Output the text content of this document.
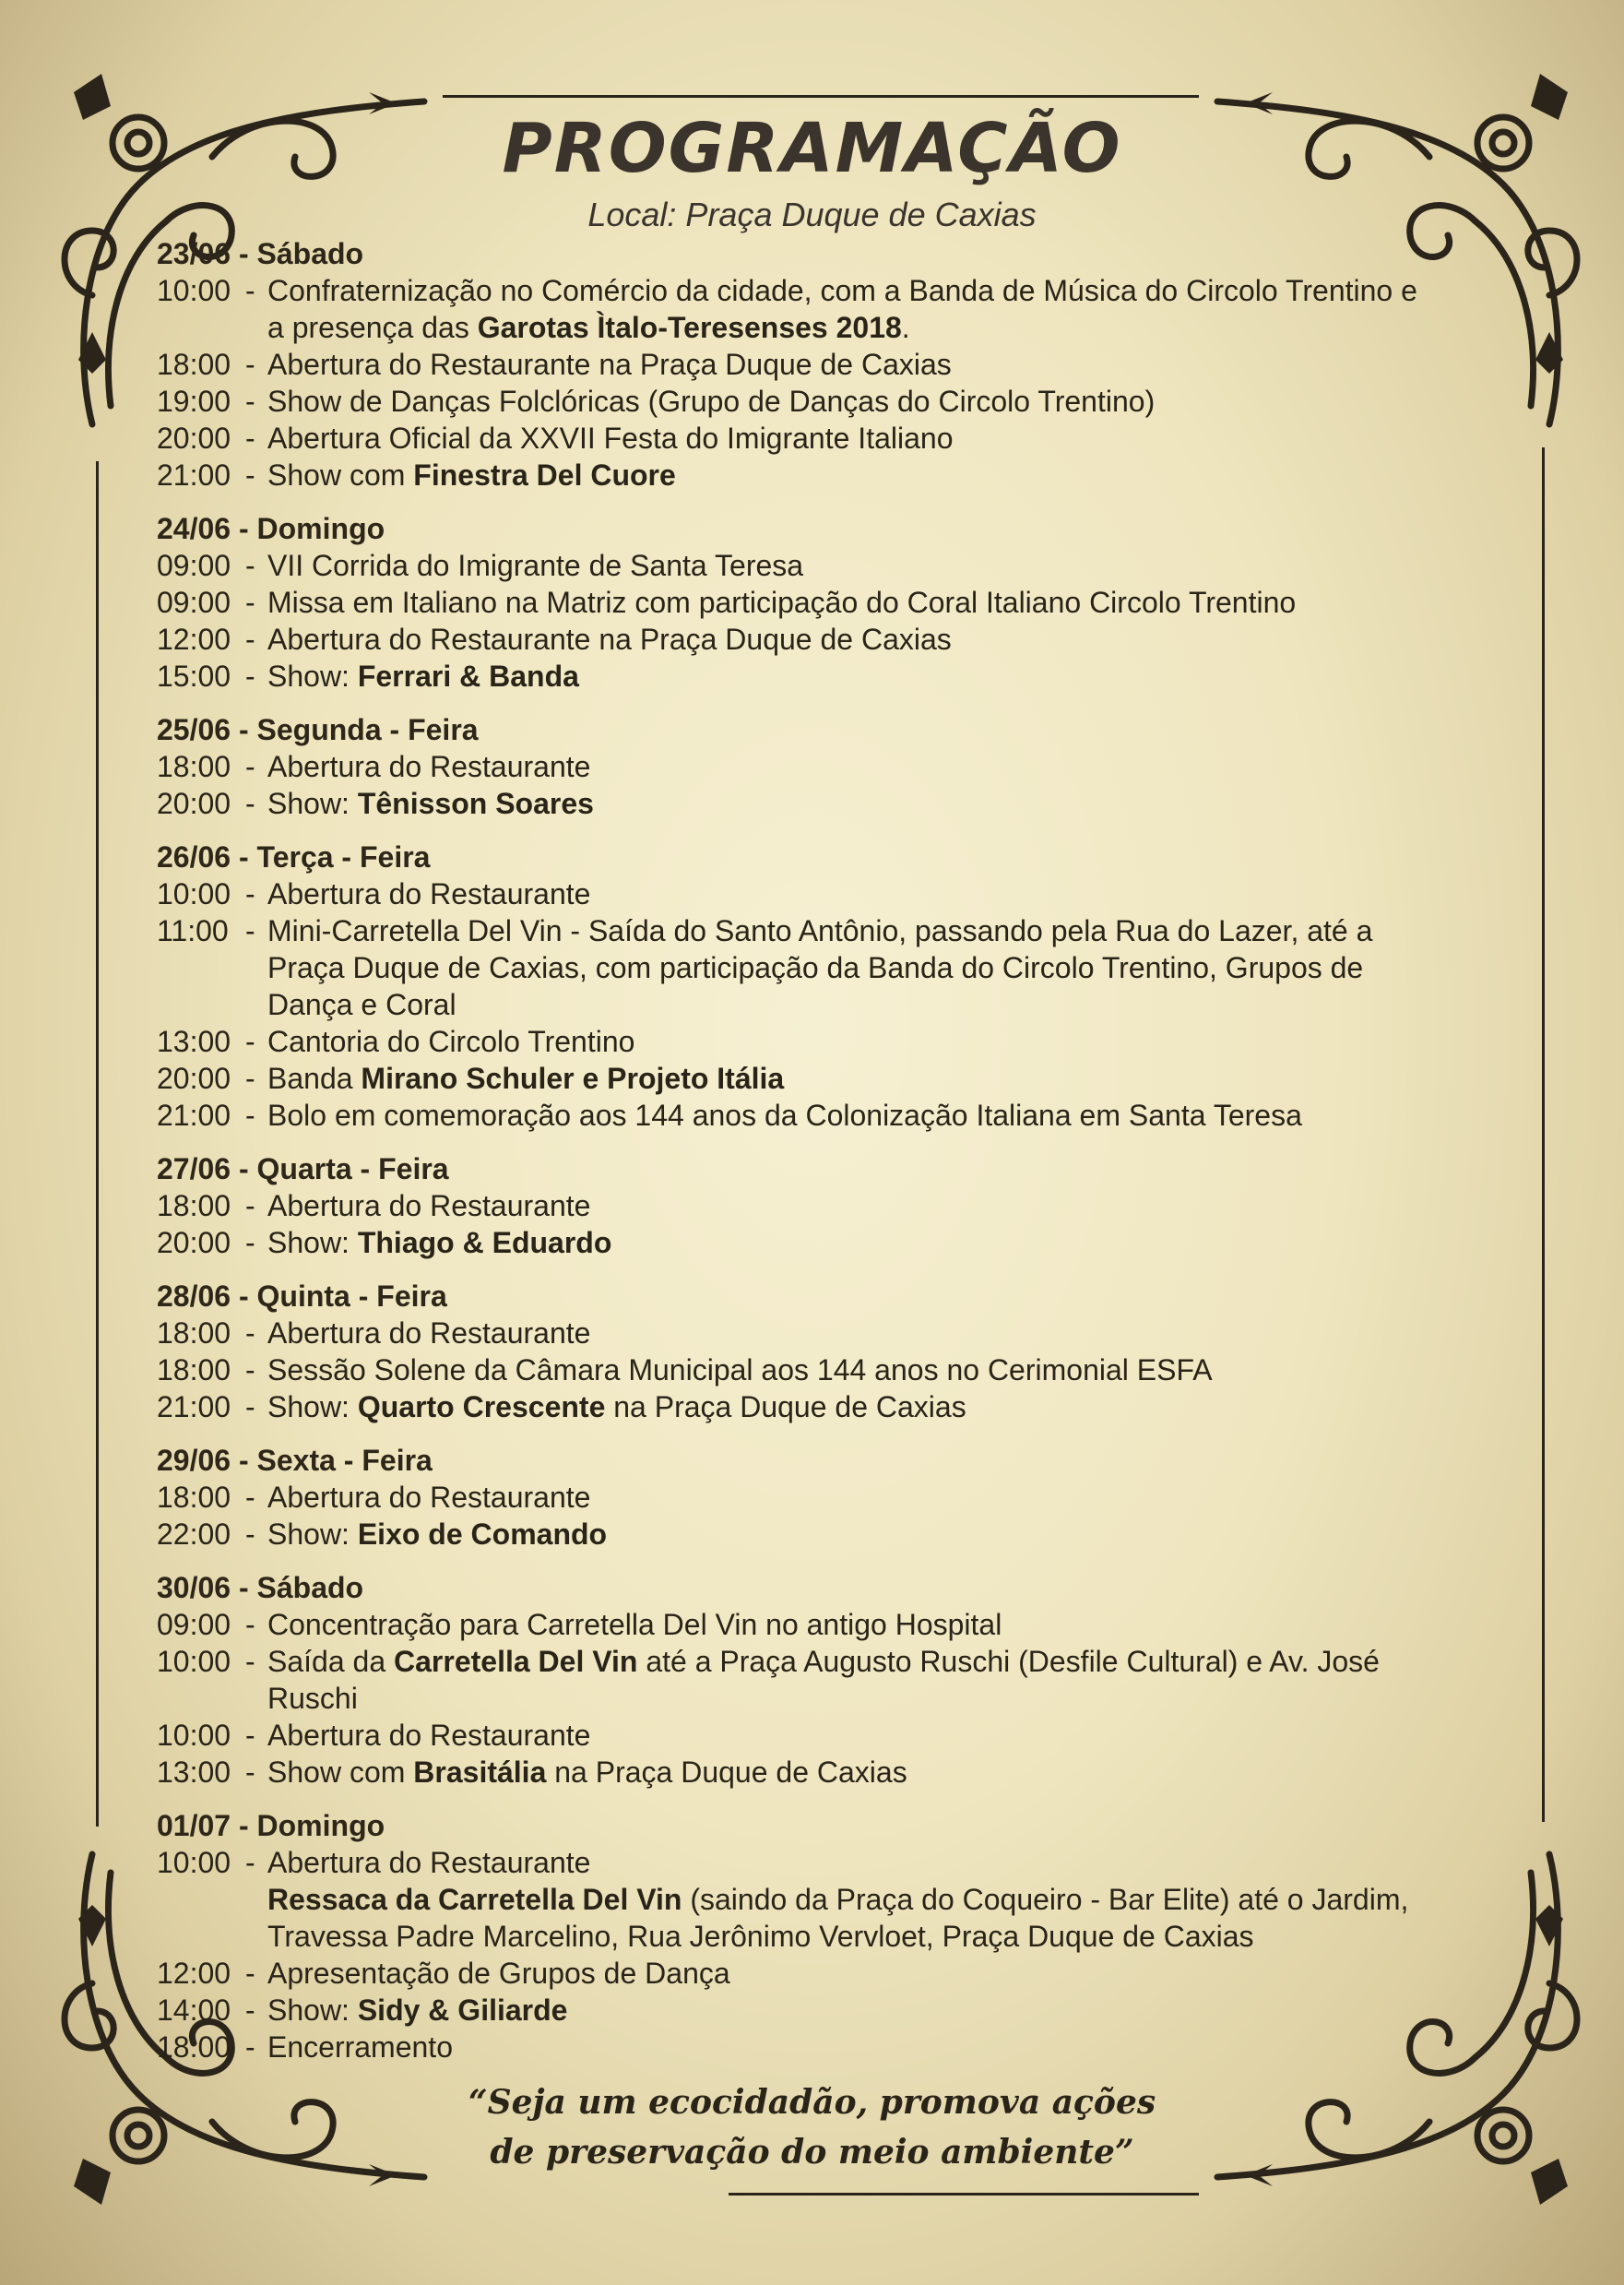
PROGRAMAÇÃO
Local: Praça Duque de Caxias
23/06 - Sábado
10:00 - Confraternização no Comércio da cidade, com a Banda de Música do Circolo Trentino e
a presença das Garotas Ìtalo-Teresenses 2018.
18:00 - Abertura do Restaurante na Praça Duque de Caxias
19:00 - Show de Danças Folclóricas (Grupo de Danças do Circolo Trentino)
20:00 - Abertura Oficial da XXVII Festa do Imigrante Italiano
21:00 - Show com Finestra Del Cuore
24/06 - Domingo
09:00 - VII Corrida do Imigrante de Santa Teresa
09:00 - Missa em Italiano na Matriz com participação do Coral Italiano Circolo Trentino
12:00 - Abertura do Restaurante na Praça Duque de Caxias
15:00 - Show: Ferrari & Banda
25/06 - Segunda - Feira
18:00 - Abertura do Restaurante
20:00 - Show: Tênisson Soares
26/06 - Terça - Feira
10:00 - Abertura do Restaurante
11:00 - Mini-Carretella Del Vin - Saída do Santo Antônio, passando pela Rua do Lazer, até a
Praça Duque de Caxias, com participação da Banda do Circolo Trentino, Grupos de
Dança e Coral
13:00 - Cantoria do Circolo Trentino
20:00 - Banda Mirano Schuler e Projeto Itália
21:00 - Bolo em comemoração aos 144 anos da Colonização Italiana em Santa Teresa
27/06 - Quarta - Feira
18:00 - Abertura do Restaurante
20:00 - Show: Thiago & Eduardo
28/06 - Quinta - Feira
18:00 - Abertura do Restaurante
18:00 - Sessão Solene da Câmara Municipal aos 144 anos no Cerimonial ESFA
21:00 - Show: Quarto Crescente na Praça Duque de Caxias
29/06 - Sexta - Feira
18:00 - Abertura do Restaurante
22:00 - Show: Eixo de Comando
30/06 - Sábado
09:00 - Concentração para Carretella Del Vin no antigo Hospital
10:00 - Saída da Carretella Del Vin até a Praça Augusto Ruschi (Desfile Cultural) e Av. José
Ruschi
10:00 - Abertura do Restaurante
13:00 - Show com Brasitália na Praça Duque de Caxias
01/07 - Domingo
10:00 - Abertura do Restaurante
Ressaca da Carretella Del Vin (saindo da Praça do Coqueiro - Bar Elite) até o Jardim,
Travessa Padre Marcelino, Rua Jerônimo Vervloet, Praça Duque de Caxias
12:00 - Apresentação de Grupos de Dança
14:00 - Show: Sidy & Giliarde
18:00 - Encerramento
“Seja um ecocidadão, promova ações
de preservação do meio ambiente”
